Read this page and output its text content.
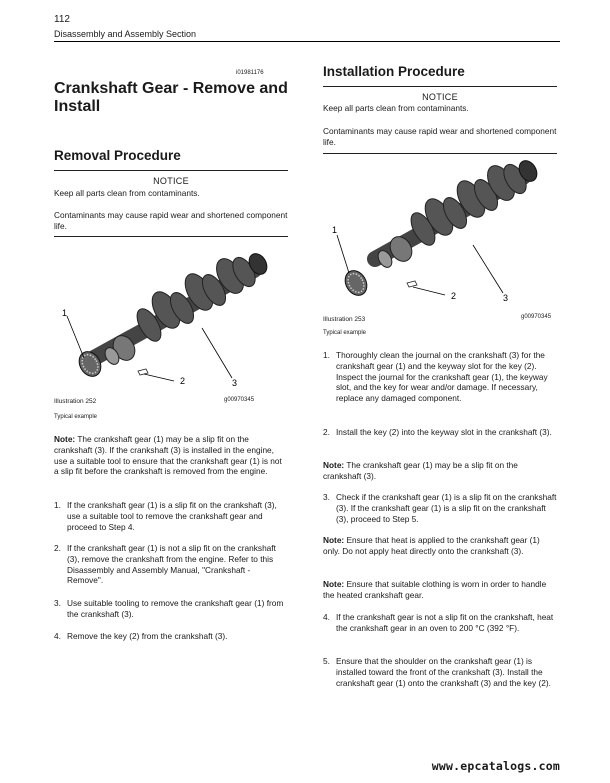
112
Disassembly and Assembly Section
i01981176
Crankshaft Gear - Remove and Install
Removal Procedure
NOTICE
Keep all parts clean from contaminants.
Contaminants may cause rapid wear and shortened component life.
1
2	3
Illustration 252	g00970345
Typical example
Note: The crankshaft gear (1) may be a slip fit on the crankshaft (3). If the crankshaft (3) is installed in the engine, use a suitable tool to ensure that the crankshaft gear (1) is not a slip fit before the crankshaft is removed from the engine.
1. If the crankshaft gear (1) is a slip fit on the crankshaft (3), use a suitable tool to remove the crankshaft gear and proceed to Step 4.
2. If the crankshaft gear (1) is not a slip fit on the crankshaft (3), remove the crankshaft from the engine. Refer to this Disassembly and Assembly Manual, "Crankshaft - Remove".
3. Use suitable tooling to remove the crankshaft gear (1) from the crankshaft (3).
4. Remove the key (2) from the crankshaft (3).
Installation Procedure
NOTICE
Keep all parts clean from contaminants.
Contaminants may cause rapid wear and shortened component life.
1
2	3
Illustration 253	g00970345
Typical example
1. Thoroughly clean the journal on the crankshaft (3) for the crankshaft gear (1) and the keyway slot for the key (2). Inspect the journal for the crankshaft gear (1), the keyway slot, and the key for wear and/or damage. If necessary, replace any damaged component.
2. Install the key (2) into the keyway slot in the crankshaft (3).
Note: The crankshaft gear (1) may be a slip fit on the crankshaft (3).
3. Check if the crankshaft gear (1) is a slip fit on the crankshaft (3). If the crankshaft gear (1) is a slip fit on the crankshaft (3), proceed to Step 5.
Note: Ensure that heat is applied to the crankshaft gear (1) only. Do not apply heat directly onto the crankshaft (3).
Note: Ensure that suitable clothing is worn in order to handle the heated crankshaft gear.
4. If the crankshaft gear is not a slip fit on the crankshaft, heat the crankshaft gear in an oven to 200 °C (392 °F).
5. Ensure that the shoulder on the crankshaft gear (1) is installed toward the front of the crankshaft (3). Install the crankshaft gear (1) onto the crankshaft (3) and the key (2).
www.epcatalogs.com
